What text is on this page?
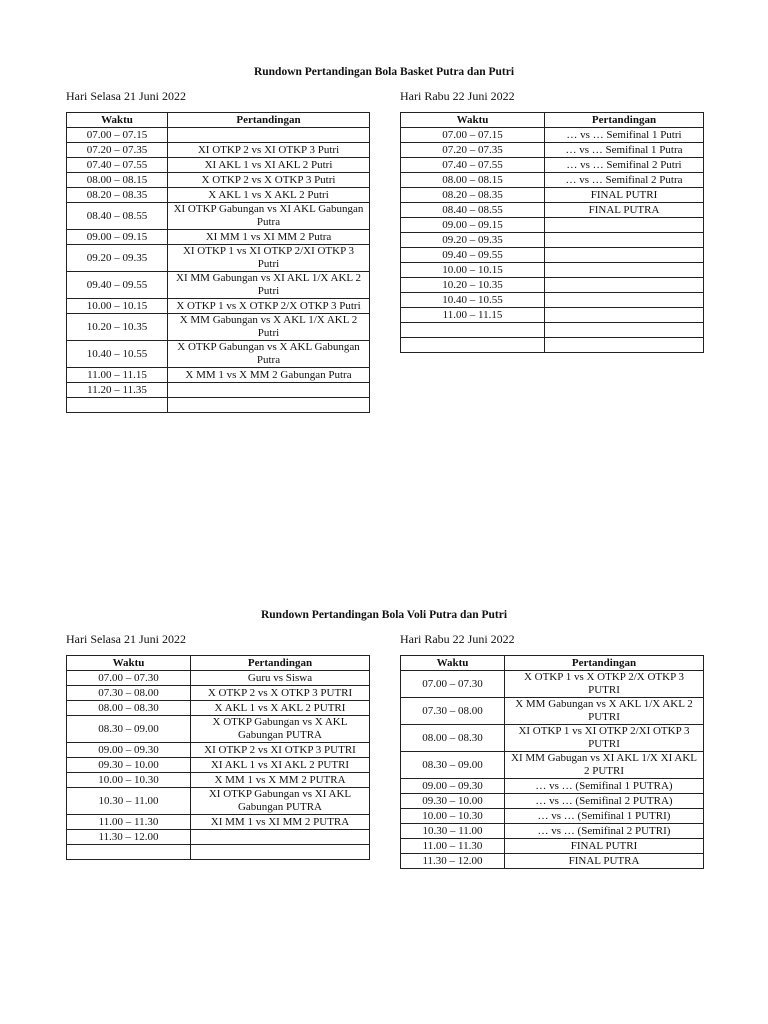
Rundown Pertandingan Bola Basket Putra dan Putri
Hari Selasa 21 Juni 2022	Hari Rabu 22 Juni 2022
Waktu	Pertandingan
07.00 – 07.15	
07.20 – 07.35	XI OTKP 2 vs XI OTKP 3 Putri
07.40 – 07.55	XI AKL 1 vs XI AKL 2 Putri
08.00 – 08.15	X OTKP 2 vs X OTKP 3 Putri
08.20 – 08.35	X AKL 1 vs X AKL 2 Putri
08.40 – 08.55	XI OTKP Gabungan vs XI AKL Gabungan Putra
09.00 – 09.15	XI MM 1 vs XI MM 2 Putra
09.20 – 09.35	XI OTKP 1 vs XI OTKP 2/XI OTKP 3 Putri
09.40 – 09.55	XI MM Gabungan vs XI AKL 1/X AKL 2 Putri
10.00 – 10.15	X OTKP 1 vs X OTKP 2/X OTKP 3 Putri
10.20 – 10.35	X MM Gabungan vs X AKL 1/X AKL 2 Putri
10.40 – 10.55	X OTKP Gabungan vs X AKL Gabungan Putra
11.00 – 11.15	X MM 1 vs X MM 2 Gabungan Putra
11.20 – 11.35	

Waktu	Pertandingan
07.00 – 07.15	… vs … Semifinal 1 Putri
07.20 – 07.35	… vs … Semifinal 1 Putra
07.40 – 07.55	… vs … Semifinal 2 Putri
08.00 – 08.15	… vs … Semifinal 2 Putra
08.20 – 08.35	FINAL PUTRI
08.40 – 08.55	FINAL PUTRA
09.00 – 09.15	
09.20 – 09.35	
09.40 – 09.55	
10.00 – 10.15	
10.20 – 10.35	
10.40 – 10.55	
11.00 – 11.15	

Rundown Pertandingan Bola Voli Putra dan Putri
Hari Selasa 21 Juni 2022	Hari Rabu 22 Juni 2022
Waktu	Pertandingan
07.00 – 07.30	Guru vs Siswa
07.30 – 08.00	X OTKP 2 vs X OTKP 3 PUTRI
08.00 – 08.30	X AKL 1 vs X AKL 2 PUTRI
08.30 – 09.00	X OTKP Gabungan vs X AKL Gabungan PUTRA
09.00 – 09.30	XI OTKP 2 vs XI OTKP 3 PUTRI
09.30 – 10.00	XI AKL 1 vs XI AKL 2 PUTRI
10.00 – 10.30	X MM 1 vs X MM 2 PUTRA
10.30 – 11.00	XI OTKP Gabungan vs XI AKL Gabungan PUTRA
11.00 – 11.30	XI MM 1 vs XI MM 2 PUTRA
11.30 – 12.00	

Waktu	Pertandingan
07.00 – 07.30	X OTKP 1 vs X OTKP 2/X OTKP 3 PUTRI
07.30 – 08.00	X MM Gabungan vs X AKL 1/X AKL 2 PUTRI
08.00 – 08.30	XI OTKP 1 vs XI OTKP 2/XI OTKP 3 PUTRI
08.30 – 09.00	XI MM Gabugan vs XI AKL 1/X XI AKL 2 PUTRI
09.00 – 09.30	… vs … (Semifinal 1 PUTRA)
09.30 – 10.00	… vs … (Semifinal 2 PUTRA)
10.00 – 10.30	… vs … (Semifinal 1 PUTRI)
10.30 – 11.00	… vs … (Semifinal 2 PUTRI)
11.00 – 11.30	FINAL PUTRI
11.30 – 12.00	FINAL PUTRA
